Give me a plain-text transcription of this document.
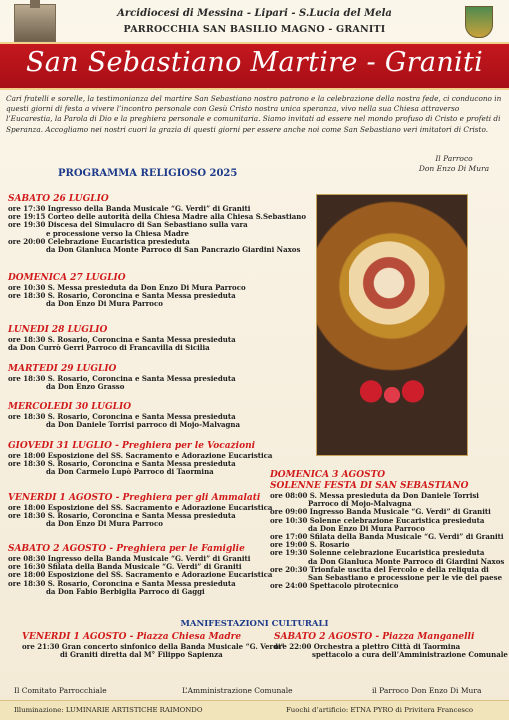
Arcidiocesi di Messina - Lipari - S.Lucia del Mela
PARROCCHIA SAN BASILIO MAGNO - GRANITI
San Sebastiano Martire - Graniti
Cari fratelli e sorelle, la testimonianza del martire San Sebastiano nostro patrono e la celebrazione della nostra fede, ci conducono in questi giorni di festa a vivere l’incontro personale con Gesù Cristo nostra unica speranza, vivo nella sua Chiesa attraverso l’Eucarestia, la Parola di Dio e la preghiera personale e comunitaria. Siamo invitati ad essere nel mondo profuso di Cristo e profeti di Speranza. Accogliamo nei nostri cuori la grazia di questi giorni per essere anche noi come San Sebastiano veri imitatori di Cristo.
Il Parroco
Don Enzo Di Mura
PROGRAMMA RELIGIOSO 2025
SABATO 26 LUGLIO
ore 17:30 Ingresso della Banda Musicale “G. Verdi” di Graniti
ore 19:15 Corteo delle autorità della Chiesa Madre alla Chiesa S.Sebastiano
ore 19:30 Discesa del Simulacro di San Sebastiano sulla vara
e processione verso la Chiesa Madre
ore 20:00 Celebrazione Eucaristica presieduta
da Don Gianluca Monte Parroco di San Pancrazio Giardini Naxos
DOMENICA 27 LUGLIO
ore 10:30 S. Messa presieduta da Don Enzo Di Mura Parroco
ore 18:30 S. Rosario, Coroncina e Santa Messa presieduta
da Don Enzo Di Mura Parroco
LUNEDI 28 LUGLIO
ore 18:30 S. Rosario, Coroncina e Santa Messa presieduta
da Don Currò Gerri Parroco di Francavilla di Sicilia
MARTEDI 29 LUGLIO
ore 18:30 S. Rosario, Coroncina e Santa Messa presieduta
da Don Enzo Grasso
MERCOLEDI 30 LUGLIO
ore 18:30 S. Rosario, Coroncina e Santa Messa presieduta
da Don Daniele Torrisi parroco di Mojo-Malvagna
GIOVEDI 31 LUGLIO - Preghiera per le Vocazioni
ore 18:00 Esposizione del SS. Sacramento e Adorazione Eucaristica
ore 18:30 S. Rosario, Coroncina e Santa Messa presieduta
da Don Carmelo Lupò Parroco di Taormina
VENERDI 1 AGOSTO - Preghiera per gli Ammalati
ore 18:00 Esposizione del SS. Sacramento e Adorazione Eucaristica
ore 18:30 S. Rosario, Coroncina e Santa Messa presieduta
da Don Enzo Di Mura Parroco
SABATO 2 AGOSTO - Preghiera per le Famiglie
ore 08:30 Ingresso della Banda Musicale “G. Verdi” di Graniti
ore 16:30 Sfilata della Banda Musicale “G. Verdi” di Graniti
ore 18:00 Esposizione del SS. Sacramento e Adorazione Eucaristica
ore 18:30 S. Rosario, Coroncina e Santa Messa presieduta
da Don Fabio Berbiglia Parroco di Gaggi
DOMENICA 3 AGOSTO
SOLENNE FESTA DI SAN SEBASTIANO
ore 08:00 S. Messa presieduta da Don Daniele Torrisi
Parroco di Mojo-Malvagna
ore 09:00 Ingresso Banda Musicale “G. Verdi” di Graniti
ore 10:30 Solenne celebrazione Eucaristica presieduta
da Don Enzo Di Mura Parroco
ore 17:00 Sfilata della Banda Musicale “G. Verdi” di Graniti
ore 19:00 S. Rosario
ore 19:30 Solenne celebrazione Eucaristica presieduta
da Don Gianluca Monte Parroco di Giardini Naxos
ore 20:30 Trionfale uscita del Fercolo e della reliquia di
San Sebastiano e processione per le vie del paese
ore 24:00 Spettacolo pirotecnico
MANIFESTAZIONI CULTURALI
VENERDI 1 AGOSTO - Piazza Chiesa Madre
ore 21:30 Gran concerto sinfonico della Banda Musicale “G. Verdi”
di Graniti diretta dal M° Filippo Sapienza
SABATO 2 AGOSTO - Piazza Manganelli
ore 22:00 Orchestra a plettro Città di Taormina
spettacolo a cura dell’Amministrazione Comunale
Il Comitato Parrocchiale	L’Amministrazione Comunale	il Parroco Don Enzo Di Mura
Illuminazione: LUMINARIE ARTISTICHE RAIMONDO	Fuochi d’artificio: ETNA PYRO di Privitera Francesco
